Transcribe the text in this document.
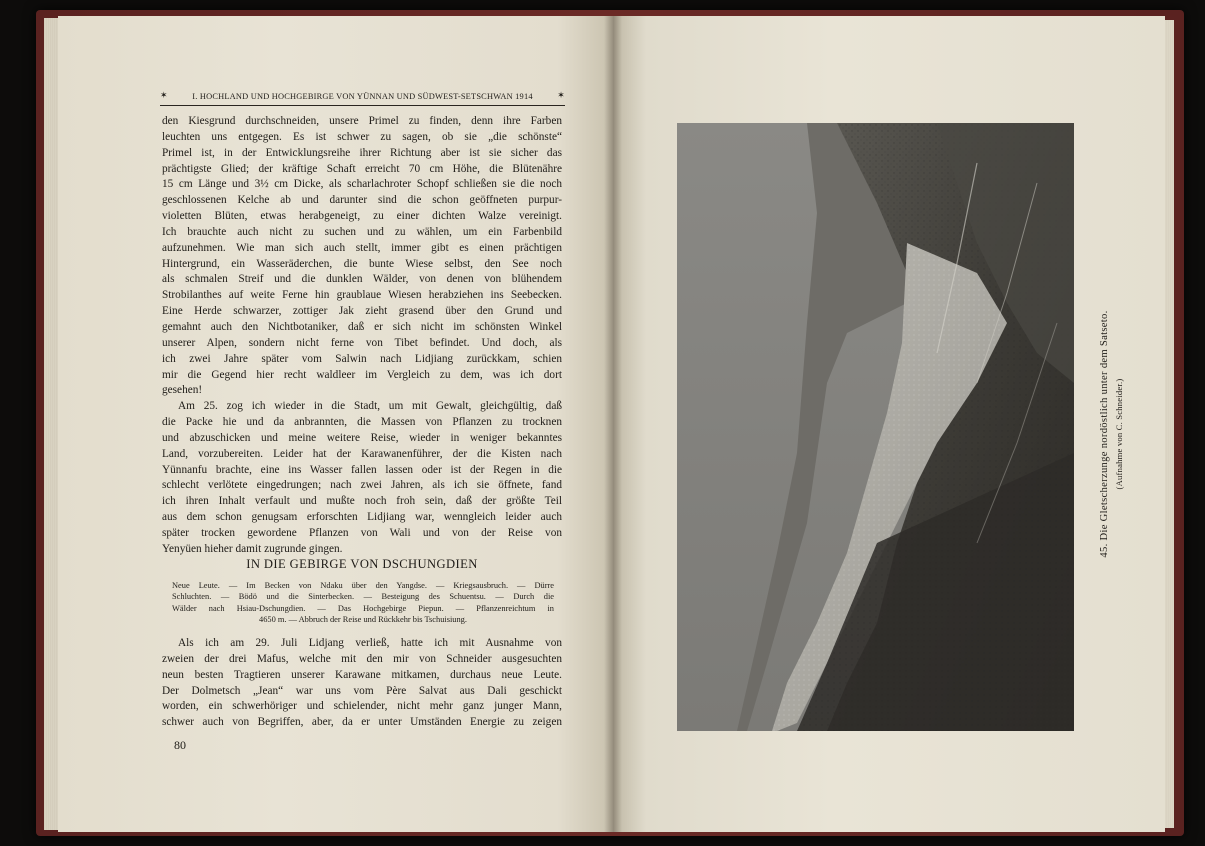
✶	I. HOCHLAND UND HOCHGEBIRGE VON YÜNNAN UND SÜDWEST-SETSCHWAN 1914	✶
den Kiesgrund durchschneiden, unsere Primel zu finden, denn ihre Farben
leuchten uns entgegen. Es ist schwer zu sagen, ob sie „die schönste“
Primel ist, in der Entwicklungsreihe ihrer Richtung aber ist sie sicher das
prächtigste Glied; der kräftige Schaft erreicht 70 cm Höhe, die Blütenähre
15 cm Länge und 3½ cm Dicke, als scharlachroter Schopf schließen sie die noch
geschlossenen Kelche ab und darunter sind die schon geöffneten purpur-
violetten Blüten, etwas herabgeneigt, zu einer dichten Walze vereinigt.
Ich brauchte auch nicht zu suchen und zu wählen, um ein Farbenbild
aufzunehmen. Wie man sich auch stellt, immer gibt es einen prächtigen
Hintergrund, ein Wasseräderchen, die bunte Wiese selbst, den See noch
als schmalen Streif und die dunklen Wälder, von denen von blühendem
Strobilanthes auf weite Ferne hin graublaue Wiesen herabziehen ins Seebecken.
Eine Herde schwarzer, zottiger Jak zieht grasend über den Grund und
gemahnt auch den Nichtbotaniker, daß er sich nicht im schönsten Winkel
unserer Alpen, sondern nicht ferne von Tibet befindet. Und doch, als
ich zwei Jahre später vom Salwin nach Lidjiang zurückkam, schien
mir die Gegend hier recht waldleer im Vergleich zu dem, was ich dort
gesehen!
Am 25. zog ich wieder in die Stadt, um mit Gewalt, gleichgültig, daß
die Packe hie und da anbrannten, die Massen von Pflanzen zu trocknen
und abzuschicken und meine weitere Reise, wieder in weniger bekanntes
Land, vorzubereiten. Leider hat der Karawanenführer, der die Kisten nach
Yünnanfu brachte, eine ins Wasser fallen lassen oder ist der Regen in die
schlecht verlötete eingedrungen; nach zwei Jahren, als ich sie öffnete, fand
ich ihren Inhalt verfault und mußte noch froh sein, daß der größte Teil
aus dem schon genugsam erforschten Lidjiang war, wenngleich leider auch
später trocken gewordene Pflanzen von Wali und von der Reise von
Yenyüen hieher damit zugrunde gingen.
IN DIE GEBIRGE VON DSCHUNGDIEN
Neue Leute. — Im Becken von Ndaku über den Yangdse. — Kriegsausbruch. — Dürre
Schluchten. — Bödö und die Sinterbecken. — Besteigung des Schuentsu. — Durch die
Wälder nach Hsiau-Dschungdien. — Das Hochgebirge Piepun. — Pflanzenreichtum in
4650 m. — Abbruch der Reise und Rückkehr bis Tschuisiung.
Als ich am 29. Juli Lidjang verließ, hatte ich mit Ausnahme von
zweien der drei Mafus, welche mit den mir von Schneider ausgesuchten
neun besten Tragtieren unserer Karawane mitkamen, durchaus neue Leute.
Der Dolmetsch „Jean“ war uns vom Père Salvat aus Dali geschickt
worden, ein schwerhöriger und schielender, nicht mehr ganz junger Mann,
schwer auch von Begriffen, aber, da er unter Umständen Energie zu zeigen
80
45. Die Gletscherzunge nordöstlich unter dem Satseto. (Aufnahme von C. Schneider.)
